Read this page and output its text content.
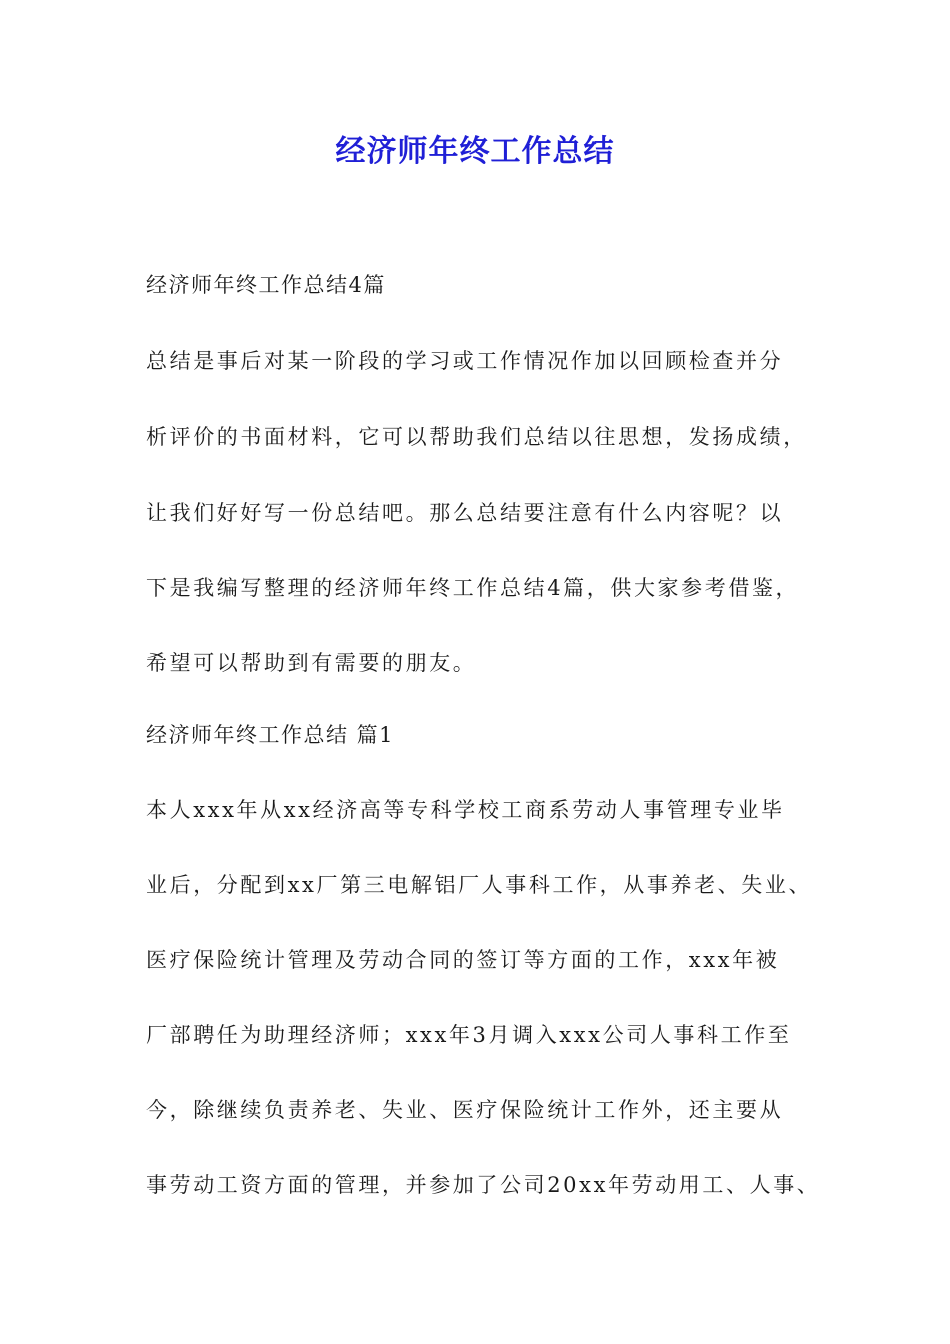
经济师年终工作总结
经济师年终工作总结4篇
总结是事后对某一阶段的学习或工作情况作加以回顾检查并分
析评价的书面材料，它可以帮助我们总结以往思想，发扬成绩，
让我们好好写一份总结吧。那么总结要注意有什么内容呢？以
下是我编写整理的经济师年终工作总结4篇，供大家参考借鉴，
希望可以帮助到有需要的朋友。
经济师年终工作总结 篇1
本人xxx年从xx经济高等专科学校工商系劳动人事管理专业毕
业后，分配到xx厂第三电解铝厂人事科工作，从事养老、失业、
医疗保险统计管理及劳动合同的签订等方面的工作，xxx年被
厂部聘任为助理经济师；xxx年3月调入xxx公司人事科工作至
今，除继续负责养老、失业、医疗保险统计工作外，还主要从
事劳动工资方面的管理，并参加了公司20xx年劳动用工、人事、
